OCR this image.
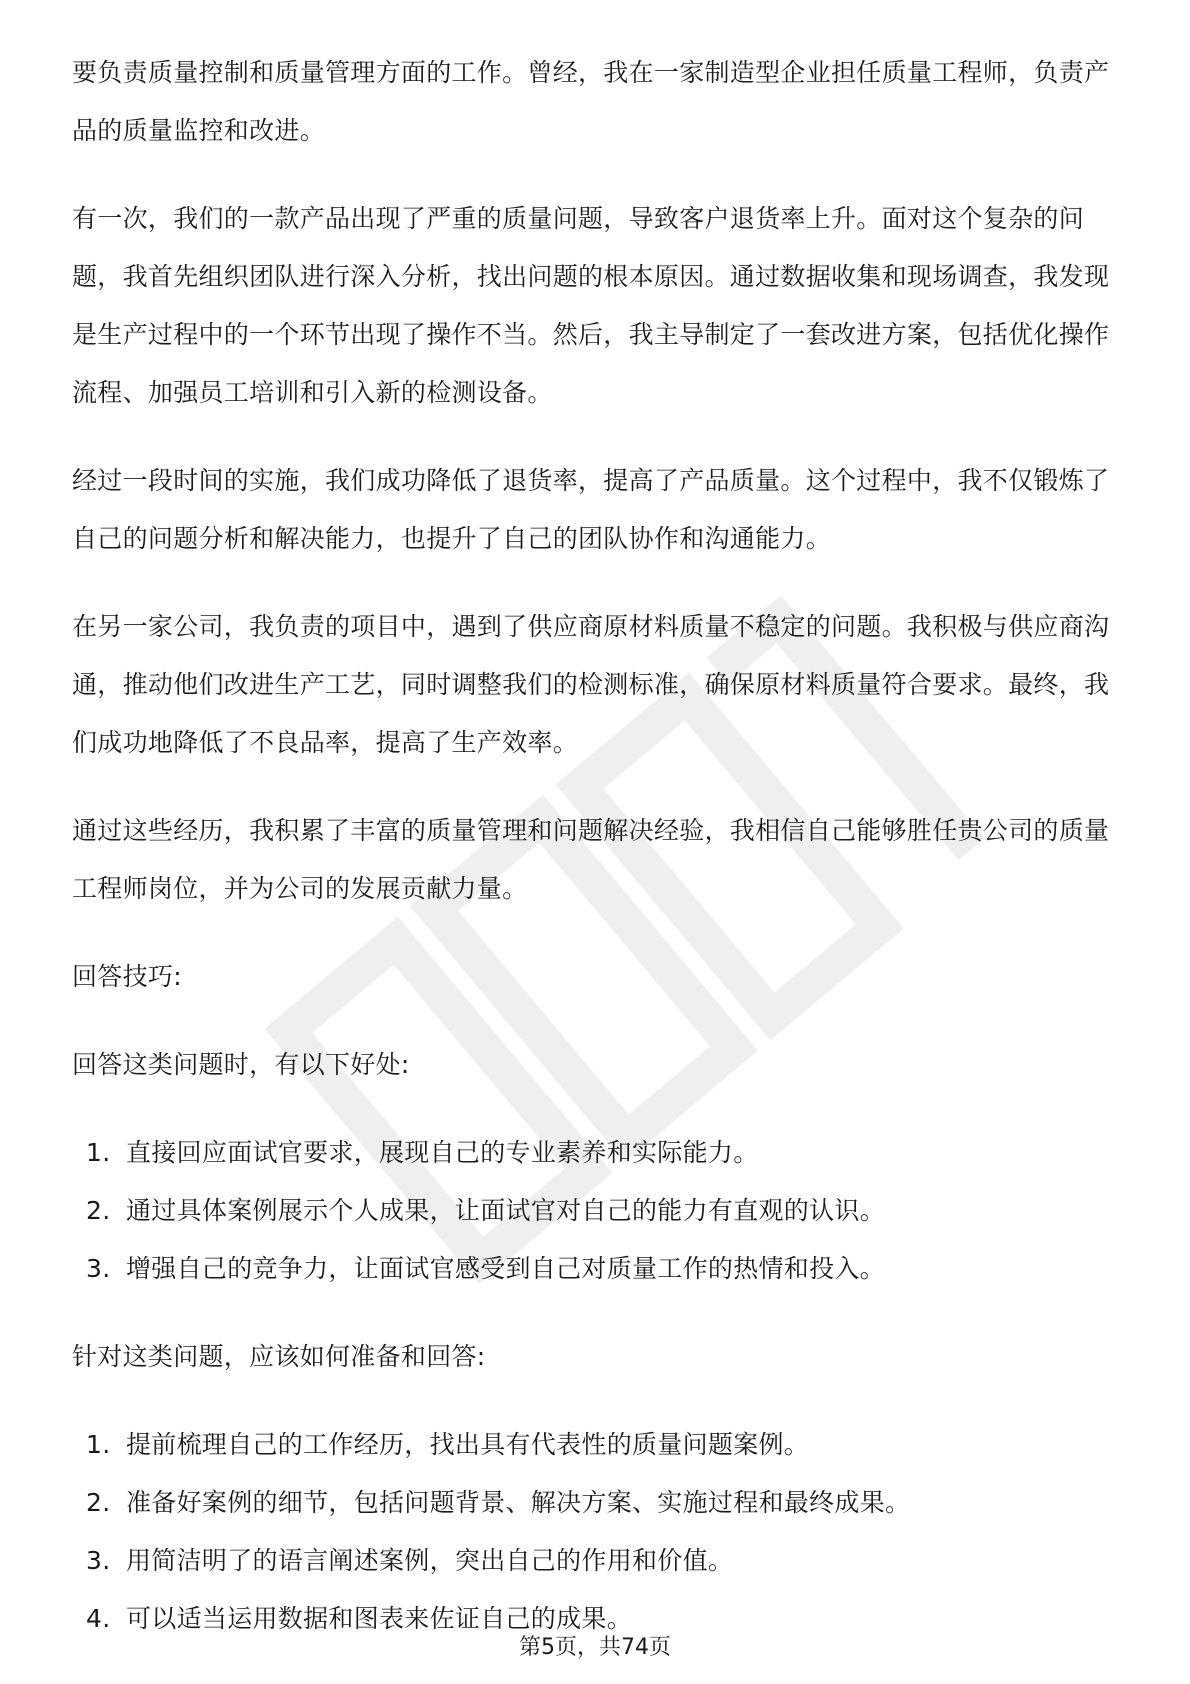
要负责质量控制和质量管理方面的工作。曾经，我在一家制造型企业担任质量工程师，负责产品的质量监控和改进。

有一次，我们的一款产品出现了严重的质量问题，导致客户退货率上升。面对这个复杂的问题，我首先组织团队进行深入分析，找出问题的根本原因。通过数据收集和现场调查，我发现是生产过程中的一个环节出现了操作不当。然后，我主导制定了一套改进方案，包括优化操作流程、加强员工培训和引入新的检测设备。

经过一段时间的实施，我们成功降低了退货率，提高了产品质量。这个过程中，我不仅锻炼了自己的问题分析和解决能力，也提升了自己的团队协作和沟通能力。

在另一家公司，我负责的项目中，遇到了供应商原材料质量不稳定的问题。我积极与供应商沟通，推动他们改进生产工艺，同时调整我们的检测标准，确保原材料质量符合要求。最终，我们成功地降低了不良品率，提高了生产效率。

通过这些经历，我积累了丰富的质量管理和问题解决经验，我相信自己能够胜任贵公司的质量工程师岗位，并为公司的发展贡献力量。

回答技巧:

回答这类问题时，有以下好处:

1. 直接回应面试官要求，展现自己的专业素养和实际能力。
2. 通过具体案例展示个人成果，让面试官对自己的能力有直观的认识。
3. 增强自己的竞争力，让面试官感受到自己对质量工作的热情和投入。

针对这类问题，应该如何准备和回答:

1. 提前梳理自己的工作经历，找出具有代表性的质量问题案例。
2. 准备好案例的细节，包括问题背景、解决方案、实施过程和最终成果。
3. 用简洁明了的语言阐述案例，突出自己的作用和价值。
4. 可以适当运用数据和图表来佐证自己的成果。
第5页，共74页
